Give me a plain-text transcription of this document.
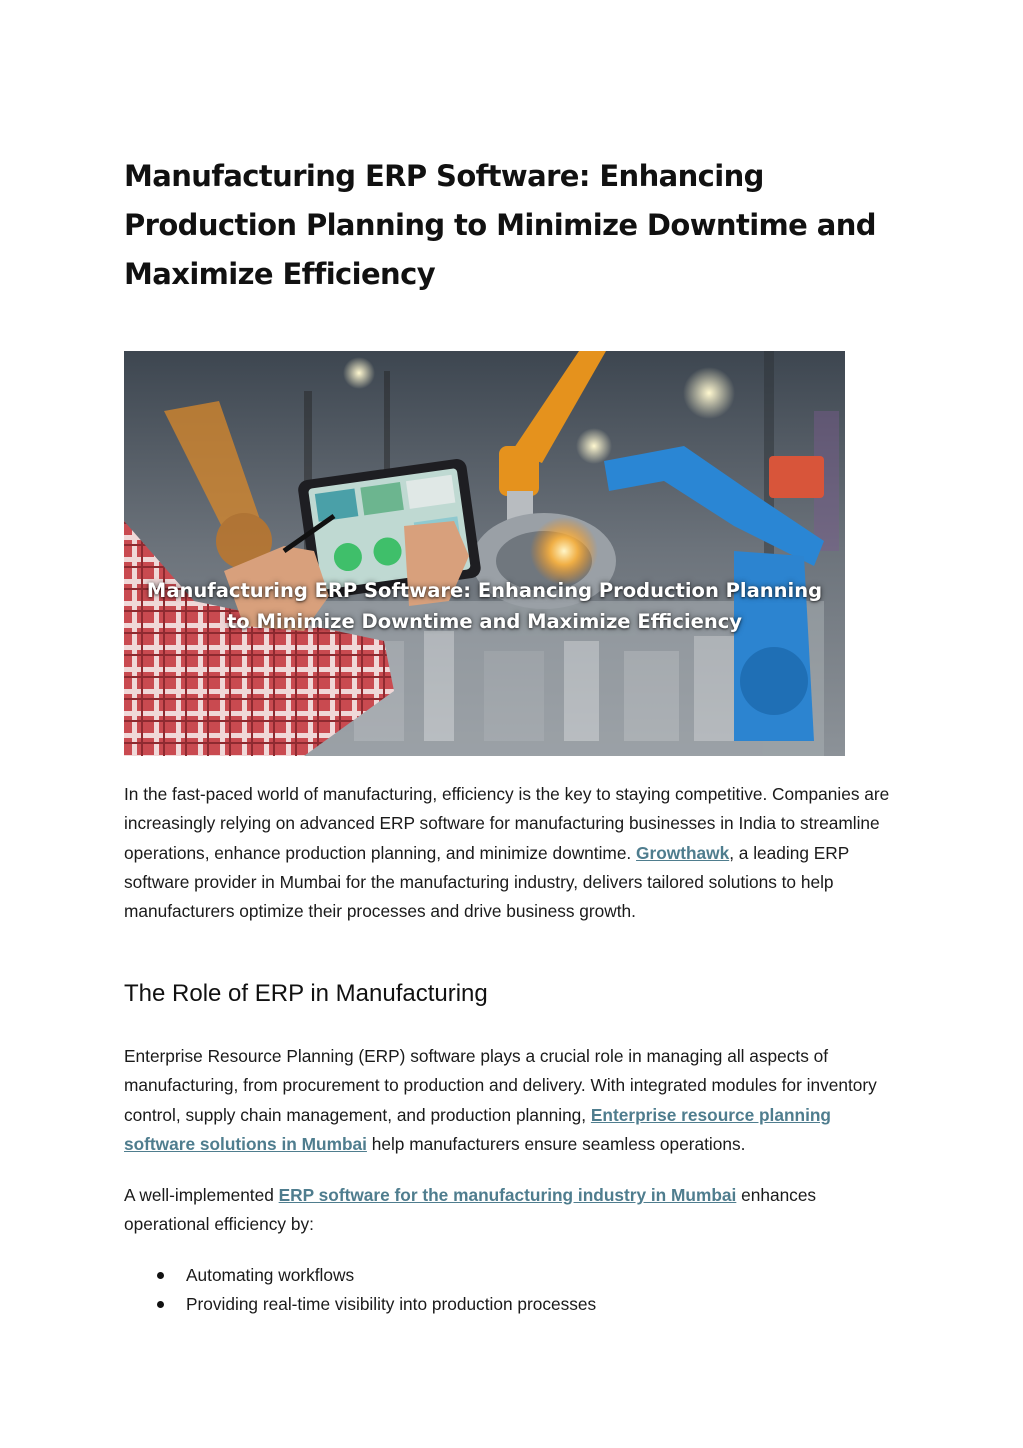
Manufacturing ERP Software: Enhancing Production Planning to Minimize Downtime and Maximize Efficiency
Manufacturing ERP Software: Enhancing Production Planning to Minimize Downtime and Maximize Efficiency

In the fast-paced world of manufacturing, efficiency is the key to staying competitive. Companies are increasingly relying on advanced ERP software for manufacturing businesses in India to streamline operations, enhance production planning, and minimize downtime. Growthawk, a leading ERP software provider in Mumbai for the manufacturing industry, delivers tailored solutions to help manufacturers optimize their processes and drive business growth.

The Role of ERP in Manufacturing

Enterprise Resource Planning (ERP) software plays a crucial role in managing all aspects of manufacturing, from procurement to production and delivery. With integrated modules for inventory control, supply chain management, and production planning, Enterprise resource planning software solutions in Mumbai help manufacturers ensure seamless operations.

A well-implemented ERP software for the manufacturing industry in Mumbai enhances operational efficiency by:

Automating workflows
Providing real-time visibility into production processes
